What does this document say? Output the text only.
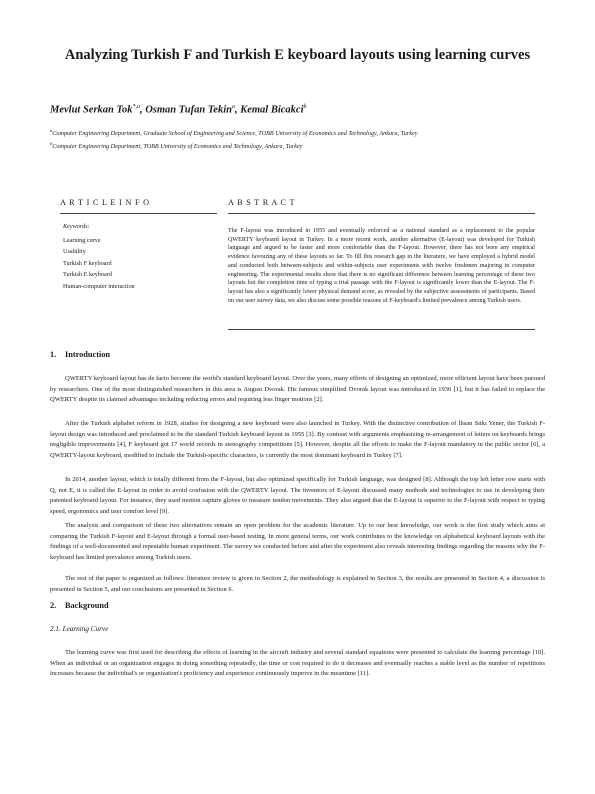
Analyzing Turkish F and Turkish E keyboard layouts using learning curves
Mevlut Serkan Tok$^{*,a}$, Osman Tufan Tekin$^a$, Kemal Bicakci$^b$
$^a$Computer Engineering Department, Graduate School of Engineering and Science, TOBB University of Economics and Technology, Ankara, Turkey
$^b$Computer Engineering Department, TOBB University of Economics and Technology, Ankara, Turkey
A R T I C L E I N F O
Keywords:
Learning curve
Usability
Turkish F keyboard
Turkish E keyboard
Human-computer interaction
A B S T R A C T
The F-layout was introduced in 1955 and eventually enforced as a national standard as a replacement to the popular QWERTY keyboard layout in Turkey. In a more recent work, another alternative (E-layout) was developed for Turkish language and argued to be faster and more comfortable than the F-layout. However, there has not been any empirical evidence favouring any of these layouts so far. To fill this research gap in the literature, we have employed a hybrid model and conducted both between-subjects and within-subjects user experiments with twelve freshmen majoring in computer engineering. The experimental results show that there is no significant difference between learning percentage of these two layouts but the completion time of typing a trial passage with the F-layout is significantly lower than the E-layout. The F-layout has also a significantly lower physical demand score, as revealed by the subjective assessments of participants. Based on our user survey data, we also discuss some possible reasons of F-keyboard's limited prevalence among Turkish users.
1. Introduction

QWERTY keyboard layout has de facto become the world's standard keyboard layout. Over the years, many efforts of designing an optimized, more efficient layout have been pursued by researchers. One of the most distinguished researchers in this area is August Dvorak. His famous simplified Dvorak layout was introduced in 1936 [1], but it has failed to replace the QWERTY despite its claimed advantages including reducing errors and requiring less finger motions [2].

After the Turkish alphabet reform in 1928, studies for designing a new keyboard were also launched in Turkey. With the distinctive contribution of İhsan Sıtkı Yener, the Turkish F-layout design was introduced and proclaimed to be the standard Turkish keyboard layout in 1955 [3]. By contrast with arguments emphasizing re-arrangement of letters on keyboards brings negligible improvements [4], F keyboard got 17 world records in stenography competitions [5]. However, despite all the efforts to make the F-layout mandatory in the public sector [6], a QWERTY-layout keyboard, modified to include the Turkish-specific characters, is currently the most dominant keyboard in Turkey [7].

In 2014, another layout, which is totally different from the F-layout, but also optimized specifically for Turkish language, was designed [8]. Although the top left letter row starts with Q, not E, it is called the E-layout in order to avoid confusion with the QWERTY layout. The inventors of E-layout discussed many methods and technologies to use in developing their patented keyboard layout. For instance, they used motion capture gloves to measure tendon movements. They also argued that the E-layout is superior to the F-layout with respect to typing speed, ergonomics and user comfort level [9].

The analysis and comparison of these two alternatives remain an open problem for the academic literature. Up to our best knowledge, our work is the first study which aims at comparing the Turkish F-layout and E-layout through a formal user-based testing. In more general terms, our work contributes to the knowledge on alphabetical keyboard layouts with the findings of a well-documented and repeatable human experiment. The survey we conducted before and after the experiment also reveals interesting findings regarding the reasons why the F-keyboard has limited prevalence among Turkish users.

The rest of the paper is organized as follows: literature review is given in Section 2, the methodology is explained in Section 3, the results are presented in Section 4, a discussion is presented in Section 5, and our conclusions are presented in Section 6.

2. Background
2.1. Learning Curve

The learning curve was first used for describing the effects of learning in the aircraft industry and several standard equations were presented to calculate the learning percentage [10]. When an individual or an organization engages in doing something repeatedly, the time or cost required to do it decreases and eventually reaches a stable level as the number of repetitions increases because the individual's or organization's proficiency and experience continuously improve in the meantime [11].
